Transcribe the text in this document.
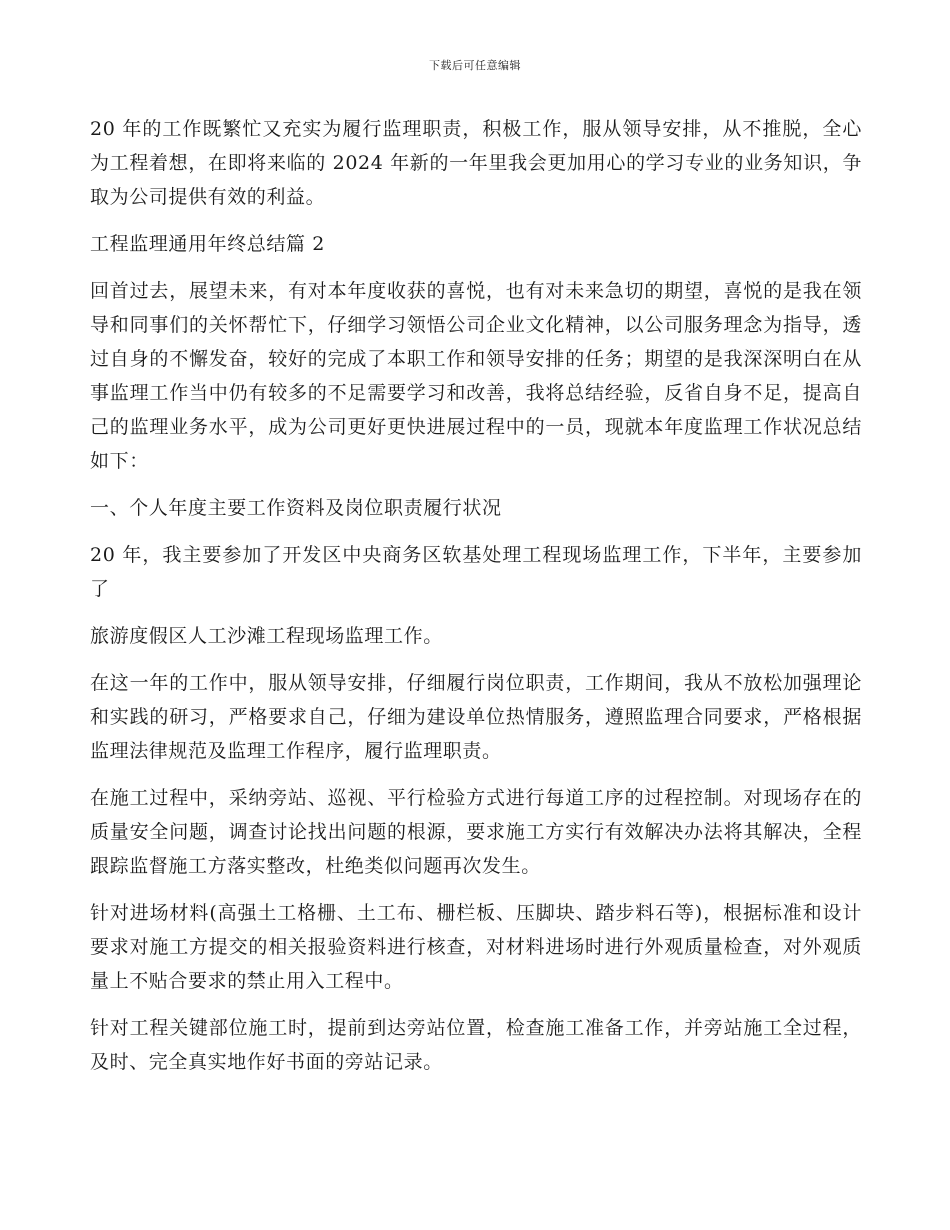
下载后可任意编辑

20 年的工作既繁忙又充实为履行监理职责，积极工作，服从领导安排，从不推脱，全心为工程着想，在即将来临的 2024 年新的一年里我会更加用心的学习专业的业务知识，争取为公司提供有效的利益。

工程监理通用年终总结篇 2

回首过去，展望未来，有对本年度收获的喜悦，也有对未来急切的期望，喜悦的是我在领导和同事们的关怀帮忙下，仔细学习领悟公司企业文化精神，以公司服务理念为指导，透过自身的不懈发奋，较好的完成了本职工作和领导安排的任务；期望的是我深深明白在从事监理工作当中仍有较多的不足需要学习和改善，我将总结经验，反省自身不足，提高自己的监理业务水平，成为公司更好更快进展过程中的一员，现就本年度监理工作状况总结如下：

一、个人年度主要工作资料及岗位职责履行状况

20 年，我主要参加了开发区中央商务区软基处理工程现场监理工作，下半年，主要参加了

旅游度假区人工沙滩工程现场监理工作。

在这一年的工作中，服从领导安排，仔细履行岗位职责，工作期间，我从不放松加强理论和实践的研习，严格要求自己，仔细为建设单位热情服务，遵照监理合同要求，严格根据监理法律规范及监理工作程序，履行监理职责。

在施工过程中，采纳旁站、巡视、平行检验方式进行每道工序的过程控制。对现场存在的质量安全问题，调查讨论找出问题的根源，要求施工方实行有效解决办法将其解决，全程跟踪监督施工方落实整改，杜绝类似问题再次发生。

针对进场材料(高强土工格栅、土工布、栅栏板、压脚块、踏步料石等)，根据标准和设计要求对施工方提交的相关报验资料进行核查，对材料进场时进行外观质量检查，对外观质量上不贴合要求的禁止用入工程中。

针对工程关键部位施工时，提前到达旁站位置，检查施工准备工作，并旁站施工全过程，及时、完全真实地作好书面的旁站记录。
